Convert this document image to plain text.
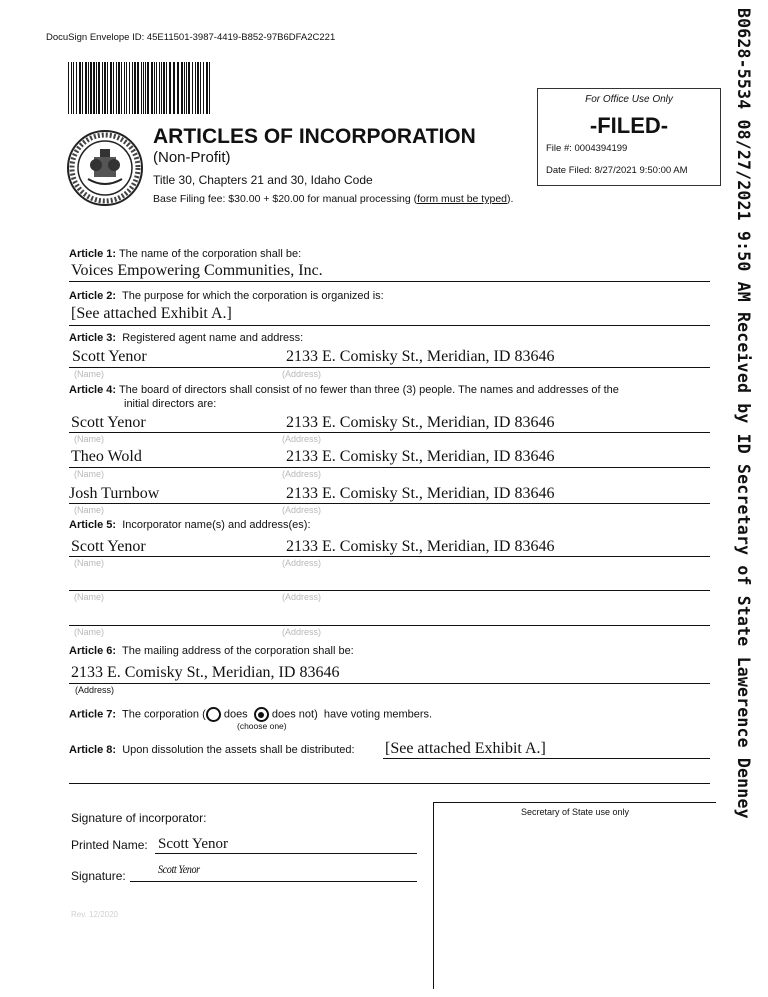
DocuSign Envelope ID: 45E11501-3987-4419-B852-97B6DFA2C221	B0628-5534 08/27/2021 9:50 AM Received by ID Secretary of State Lawerence Denney
ARTICLES OF INCORPORATION
(Non-Profit)
Title 30, Chapters 21 and 30, Idaho Code
Base Filing fee: $30.00 + $20.00 for manual processing (form must be typed).
For Office Use Only
-FILED-
File #: 0004394199
Date Filed: 8/27/2021 9:50:00 AM
Article 1: The name of the corporation shall be:
Voices Empowering Communities, Inc.
Article 2: The purpose for which the corporation is organized is:
[See attached Exhibit A.]
Article 3: Registered agent name and address:
Scott Yenor	2133 E. Comisky St., Meridian, ID 83646
(Name)	(Address)
Article 4: The board of directors shall consist of no fewer than three (3) people. The names and addresses of the
initial directors are:
Scott Yenor	2133 E. Comisky St., Meridian, ID 83646
(Name)	(Address)
Theo Wold	2133 E. Comisky St., Meridian, ID 83646
(Name)	(Address)
Josh Turnbow	2133 E. Comisky St., Meridian, ID 83646
(Name)	(Address)
Article 5: Incorporator name(s) and address(es):
Scott Yenor	2133 E. Comisky St., Meridian, ID 83646
(Name)	(Address)
(Name)	(Address)
(Name)	(Address)
Article 6: The mailing address of the corporation shall be:
2133 E. Comisky St., Meridian, ID 83646
(Address)
Article 7: The corporation ( does does not) have voting members.
(choose one)
Article 8: Upon dissolution the assets shall be distributed: [See attached Exhibit A.]
Signature of incorporator:
Printed Name: Scott Yenor
Signature:	Scott Yenor
Rev. 12/2020
Secretary of State use only
